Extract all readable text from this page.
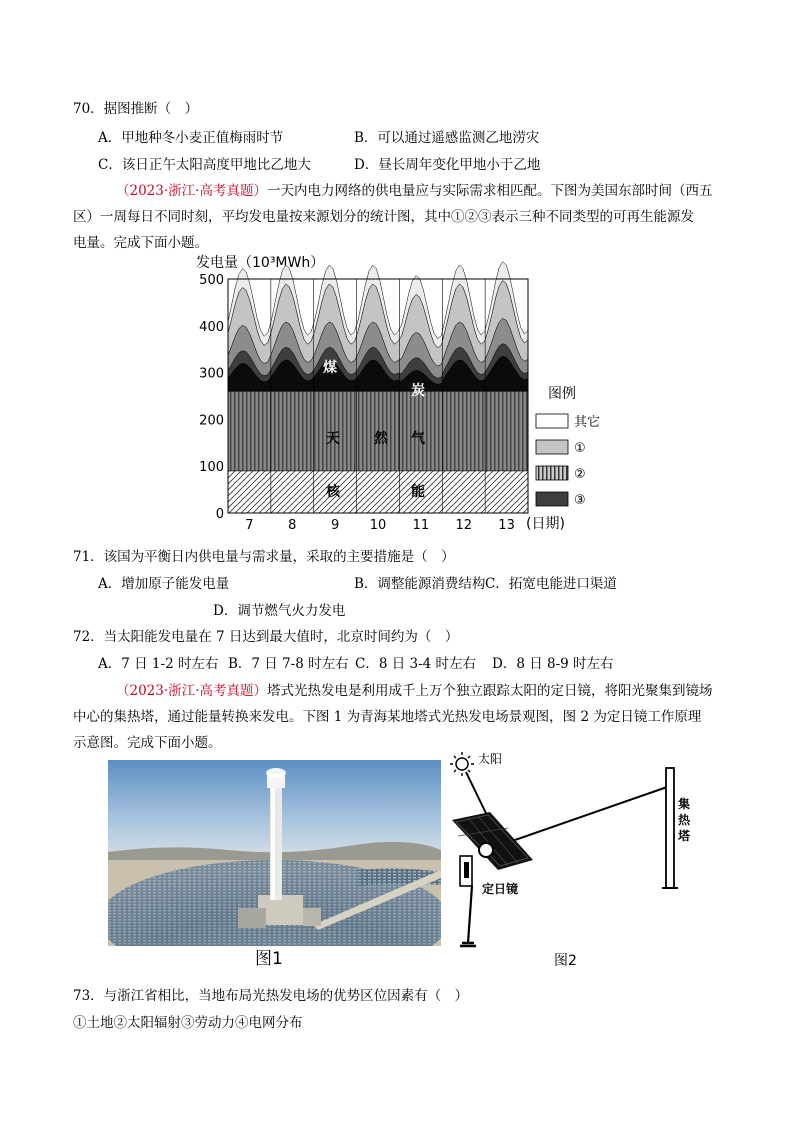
70．据图推断（　）
A．甲地种冬小麦正值梅雨时节	B．可以通过遥感监测乙地涝灾
C．该日正午太阳高度甲地比乙地大	D．昼长周年变化甲地小于乙地
（2023·浙江·高考真题）一天内电力网络的供电量应与实际需求相匹配。下图为美国东部时间（西五
区）一周每日不同时刻，平均发电量按来源划分的统计图，其中①②③表示三种不同类型的可再生能源发
电量。完成下面小题。
发电量（10³MWh）
0
100
200
300
400
500
7	8	9 10 11 12 13 (日期)
煤
炭
天 然 气
核	能
图例
其它
①
②
③
71．该国为平衡日内供电量与需求量，采取的主要措施是（　）
A．增加原子能发电量	B．调整能源消费结构 C．拓宽电能进口渠道
D．调节燃气火力发电
72．当太阳能发电量在 7 日达到最大值时，北京时间约为（　）
A．7 日 1-2 时左右 B．7 日 7-8 时左右 C．8 日 3-4 时左右 D．8 日 8-9 时左右
（2023·浙江·高考真题）塔式光热发电是利用成千上万个独立跟踪太阳的定日镜，将阳光聚集到镜场
中心的集热塔，通过能量转换来发电。下图 1 为青海某地塔式光热发电场景观图，图 2 为定日镜工作原理
示意图。完成下面小题。
图1
太阳
定日镜
集热塔
图2
73．与浙江省相比，当地布局光热发电场的优势区位因素有（　）
①土地②太阳辐射③劳动力④电网分布
